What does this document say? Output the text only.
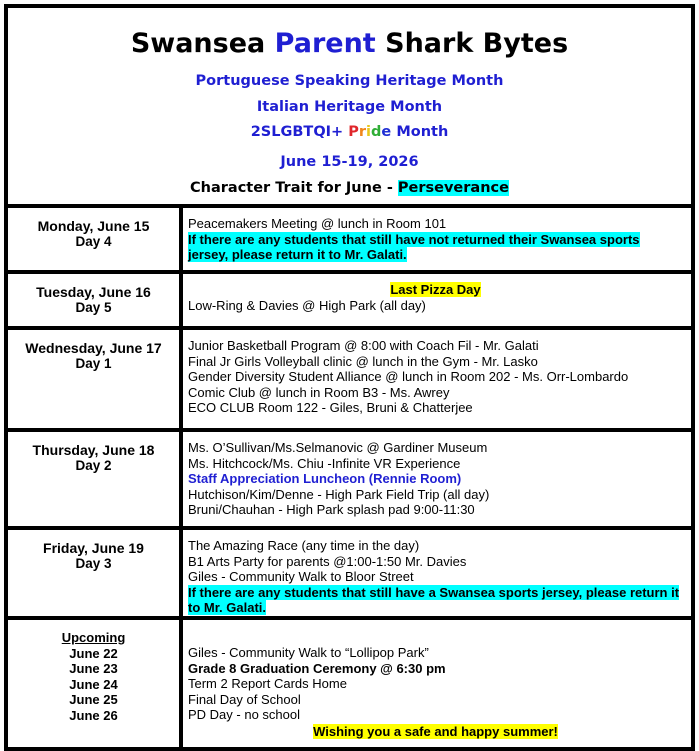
Swansea Parent Shark Bytes
Portuguese Speaking Heritage Month
Italian Heritage Month
2SLGBTQI+ Pride Month
June 15-19, 2026
Character Trait for June - Perseverance
Monday, June 15
Day 4
Peacemakers Meeting @ lunch in Room 101
If there are any students that still have not returned their Swansea sports jersey, please return it to Mr. Galati.
Tuesday, June 16
Day 5
Last Pizza Day
Low-Ring & Davies @ High Park (all day)
Wednesday, June 17
Day 1
Junior Basketball Program @ 8:00 with Coach Fil - Mr. Galati
Final Jr Girls Volleyball clinic @ lunch in the Gym - Mr. Lasko
Gender Diversity Student Alliance @ lunch in Room 202 - Ms. Orr-Lombardo
Comic Club @ lunch in Room B3 - Ms. Awrey
ECO CLUB Room 122 - Giles, Bruni & Chatterjee
Thursday, June 18
Day 2
Ms. O’Sullivan/Ms.Selmanovic @ Gardiner Museum
Ms. Hitchcock/Ms. Chiu -Infinite VR Experience
Staff Appreciation Luncheon (Rennie Room)
Hutchison/Kim/Denne - High Park Field Trip (all day)
Bruni/Chauhan - High Park splash pad 9:00-11:30
Friday, June 19
Day 3
The Amazing Race (any time in the day)
B1 Arts Party for parents @1:00-1:50 Mr. Davies
Giles - Community Walk to Bloor Street
If there are any students that still have a Swansea sports jersey, please return it to Mr. Galati.
Upcoming
June 22
June 23
June 24
June 25
June 26
Giles - Community Walk to “Lollipop Park”
Grade 8 Graduation Ceremony @ 6:30 pm
Term 2 Report Cards Home
Final Day of School
PD Day - no school
Wishing you a safe and happy summer!
